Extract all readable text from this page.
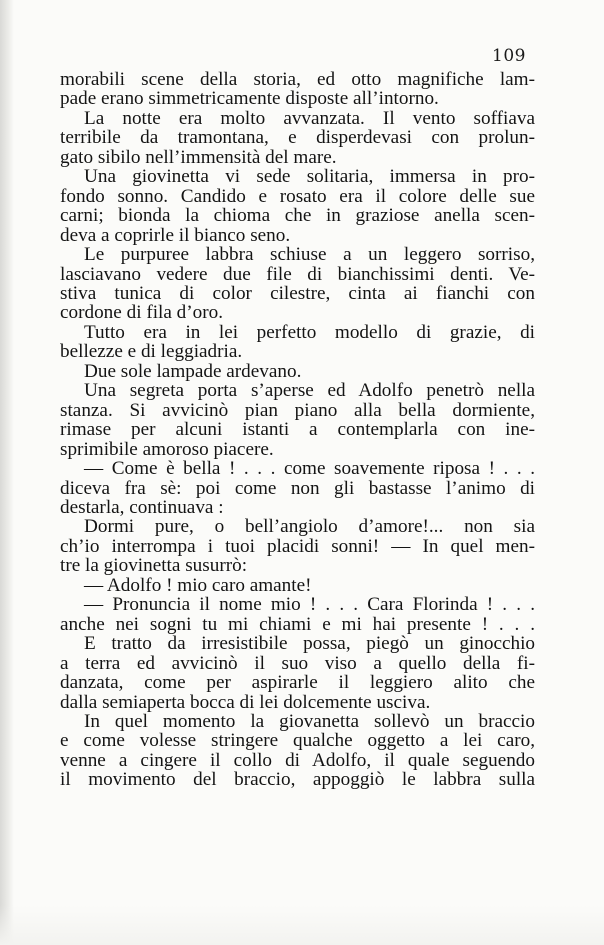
109
morabili scene della storia, ed otto magnifiche lam-
pade erano simmetricamente disposte all’intorno.
La notte era molto avvanzata. Il vento soffiava
terribile da tramontana, e disperdevasi con prolun-
gato sibilo nell’immensità del mare.
Una giovinetta vi sede solitaria, immersa in pro-
fondo sonno. Candido e rosato era il colore delle sue
carni; bionda la chioma che in graziose anella scen-
deva a coprirle il bianco seno.
Le purpuree labbra schiuse a un leggero sorriso,
lasciavano vedere due file di bianchissimi denti. Ve-
stiva tunica di color cilestre, cinta ai fianchi con
cordone di fila d’oro.
Tutto era in lei perfetto modello di grazie, di
bellezze e di leggiadria.
Due sole lampade ardevano.
Una segreta porta s’aperse ed Adolfo penetrò nella
stanza. Si avvicinò pian piano alla bella dormiente,
rimase per alcuni istanti a contemplarla con ine-
sprimibile amoroso piacere.
— Come è bella ! . . . come soavemente riposa ! . . .
diceva fra sè: poi come non gli bastasse l’animo di
destarla, continuava :
Dormi pure, o bell’angiolo d’amore!... non sia
ch’io interrompa i tuoi placidi sonni! — In quel men-
tre la giovinetta susurrò:
— Adolfo ! mio caro amante!
— Pronuncia il nome mio ! . . . Cara Florinda ! . . .
anche nei sogni tu mi chiami e mi hai presente ! . . .
E tratto da irresistibile possa, piegò un ginocchio
a terra ed avvicinò il suo viso a quello della fi-
danzata, come per aspirarle il leggiero alito che
dalla semiaperta bocca di lei dolcemente usciva.
In quel momento la giovanetta sollevò un braccio
e come volesse stringere qualche oggetto a lei caro,
venne a cingere il collo di Adolfo, il quale seguendo
il movimento del braccio, appoggiò le labbra sulla
